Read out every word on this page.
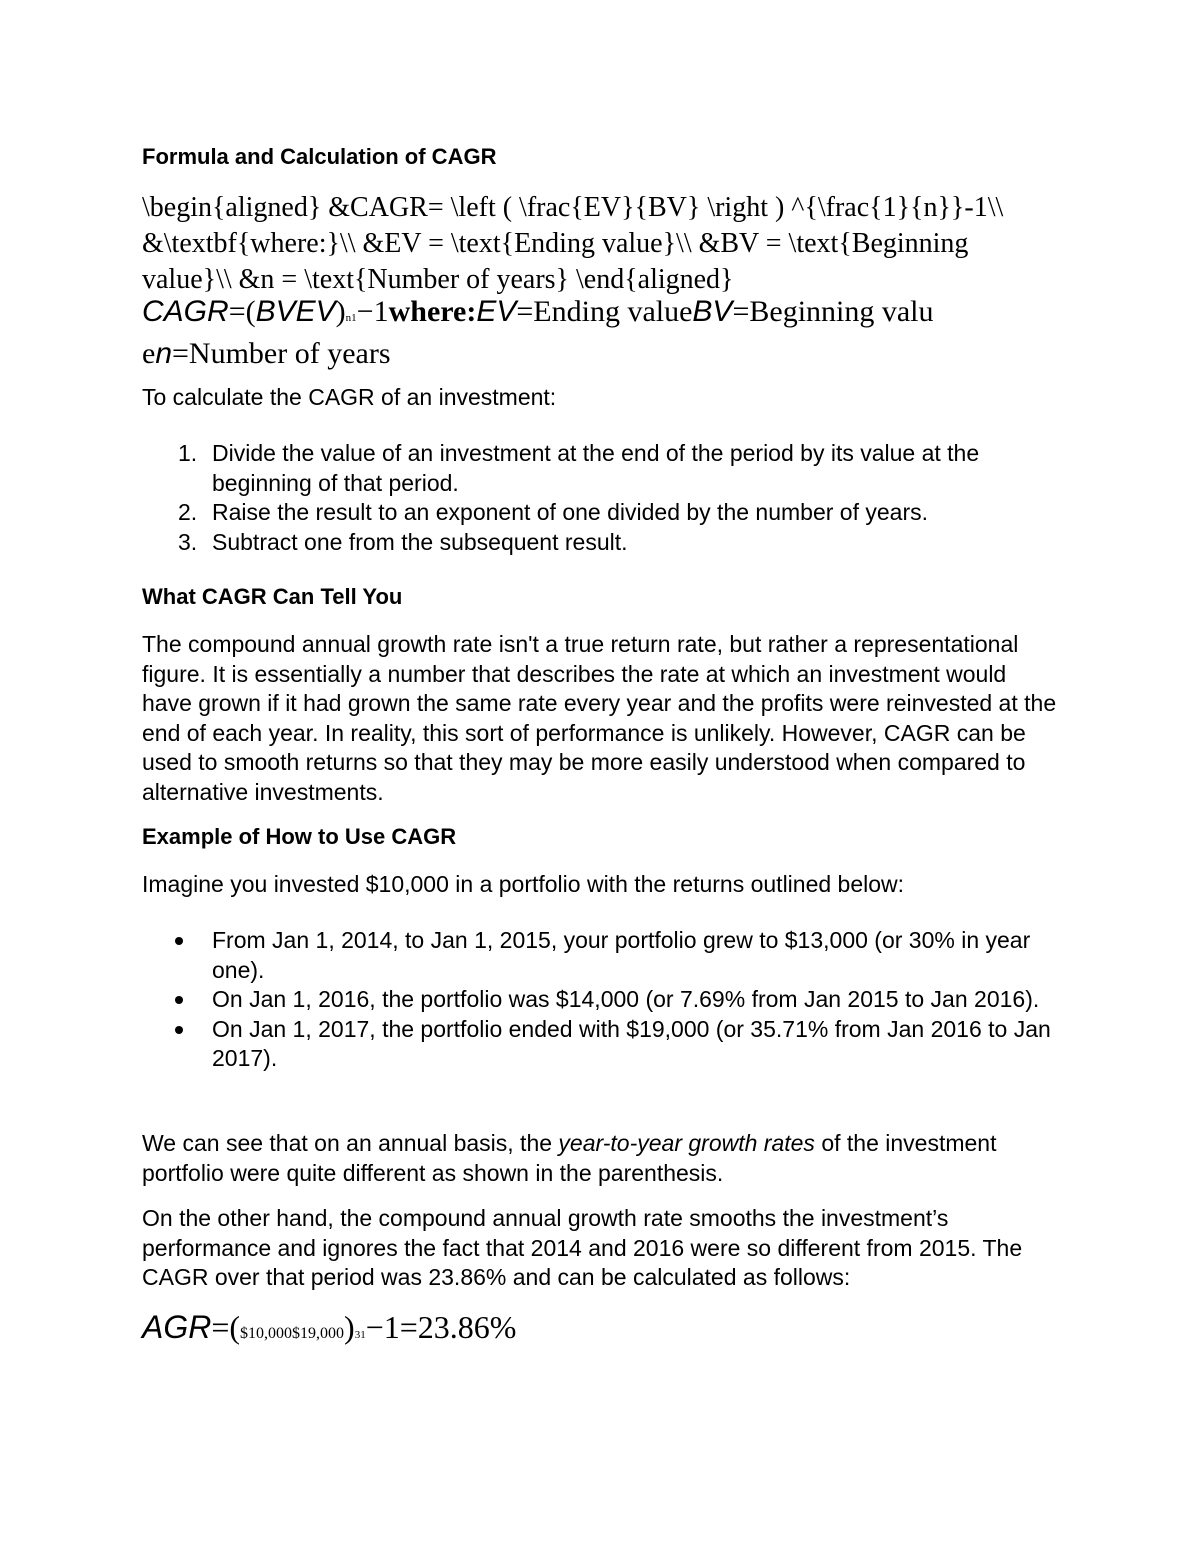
Formula and Calculation of CAGR

\begin{aligned} &CAGR= \left ( \frac{EV}{BV} \right ) ^{\frac{1}{n}}-1\\ &\textbf{where:}\\ &EV = \text{Ending value}\\ &BV = \text{Beginning value}\\ &n = \text{Number of years} \end{aligned}

CAGR=(BVEV)n1−1where:EV=Ending valueBV=Beginning valu
en=Number of years

To calculate the CAGR of an investment:

1. Divide the value of an investment at the end of the period by its value at the beginning of that period.
2. Raise the result to an exponent of one divided by the number of years.
3. Subtract one from the subsequent result.
What CAGR Can Tell You

The compound annual growth rate isn't a true return rate, but rather a representational figure. It is essentially a number that describes the rate at which an investment would have grown if it had grown the same rate every year and the profits were reinvested at the end of each year. In reality, this sort of performance is unlikely. However, CAGR can be used to smooth returns so that they may be more easily understood when compared to alternative investments.

Example of How to Use CAGR

Imagine you invested $10,000 in a portfolio with the returns outlined below:

From Jan 1, 2014, to Jan 1, 2015, your portfolio grew to $13,000 (or 30% in year one).
On Jan 1, 2016, the portfolio was $14,000 (or 7.69% from Jan 2015 to Jan 2016).
On Jan 1, 2017, the portfolio ended with $19,000 (or 35.71% from Jan 2016 to Jan 2017).

We can see that on an annual basis, the year-to-year growth rates of the investment portfolio were quite different as shown in the parenthesis.

On the other hand, the compound annual growth rate smooths the investment’s performance and ignores the fact that 2014 and 2016 were so different from 2015. The CAGR over that period was 23.86% and can be calculated as follows:

AGR=($10,000$19,000)31−1=23.86%
